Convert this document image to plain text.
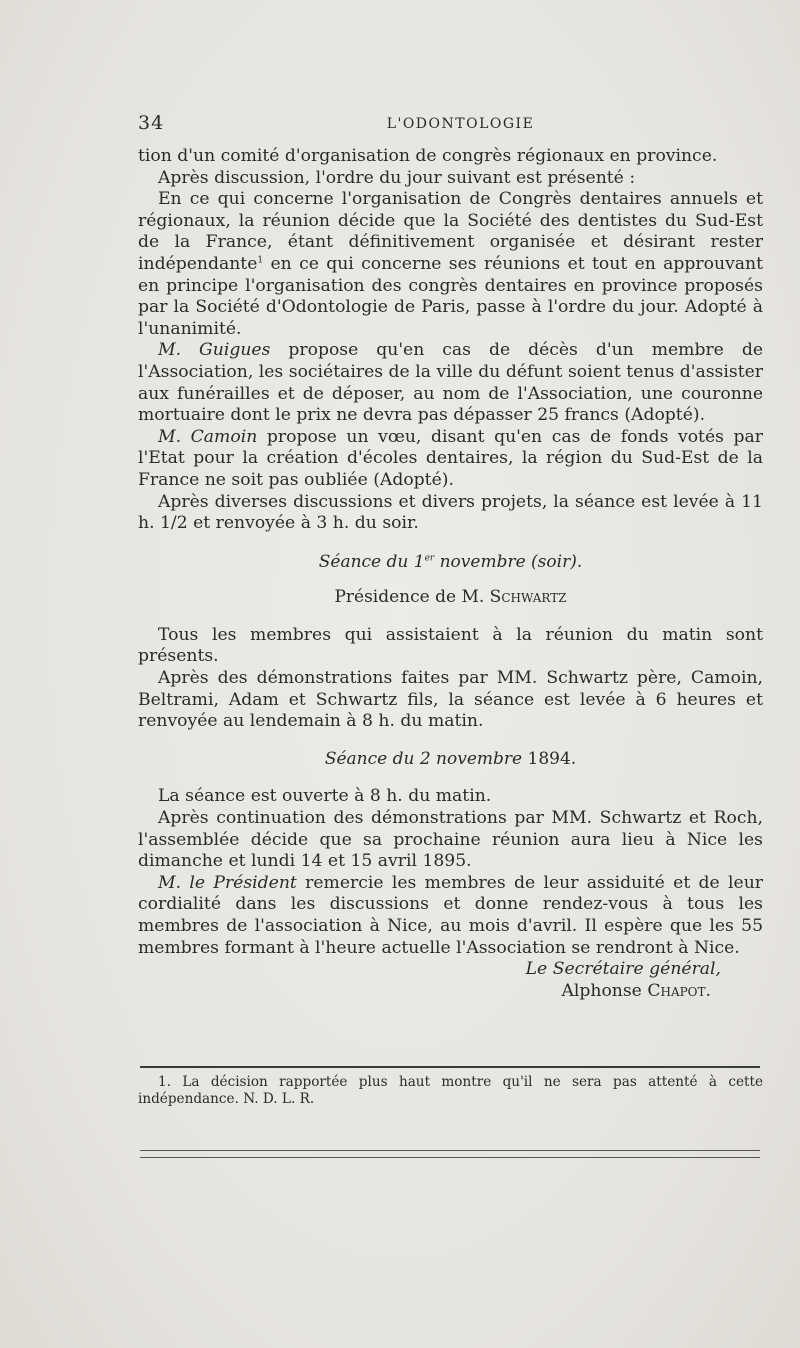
34	L'ODONTOLOGIE

tion d'un comité d'organisation de congrès régionaux en province.

Après discussion, l'ordre du jour suivant est présenté :

En ce qui concerne l'organisation de Congrès dentaires annuels et régionaux, la réunion décide que la Société des dentistes du Sud-Est de la France, étant définitivement organisée et désirant rester indépendante$^1$ en ce qui concerne ses réunions et tout en approuvant en principe l'organisation des congrès dentaires en province proposés par la Société d'Odontologie de Paris, passe à l'ordre du jour. Adopté à l'unanimité.

M. Guigues propose qu'en cas de décès d'un membre de l'Association, les sociétaires de la ville du défunt soient tenus d'assister aux funérailles et de déposer, au nom de l'Association, une couronne mortuaire dont le prix ne devra pas dépasser 25 francs (Adopté).

M. Camoin propose un vœu, disant qu'en cas de fonds votés par l'Etat pour la création d'écoles dentaires, la région du Sud-Est de la France ne soit pas oubliée (Adopté).

Après diverses discussions et divers projets, la séance est levée à 11 h. 1/2 et renvoyée à 3 h. du soir.

Séance du 1er novembre (soir).

Présidence de M. Schwartz

Tous les membres qui assistaient à la réunion du matin sont présents.

Après des démonstrations faites par MM. Schwartz père, Camoin, Beltrami, Adam et Schwartz fils, la séance est levée à 6 heures et renvoyée au lendemain à 8 h. du matin.

Séance du 2 novembre 1894.

La séance est ouverte à 8 h. du matin.

Après continuation des démonstrations par MM. Schwartz et Roch, l'assemblée décide que sa prochaine réunion aura lieu à Nice les dimanche et lundi 14 et 15 avril 1895.

M. le Président remercie les membres de leur assiduité et de leur cordialité dans les discussions et donne rendez-vous à tous les membres de l'association à Nice, au mois d'avril. Il espère que les 55 membres formant à l'heure actuelle l'Association se rendront à Nice.

Le Secrétaire général,

Alphonse Chapot.

1. La décision rapportée plus haut montre qu'il ne sera pas attenté à cette indépendance. N. D. L. R.
